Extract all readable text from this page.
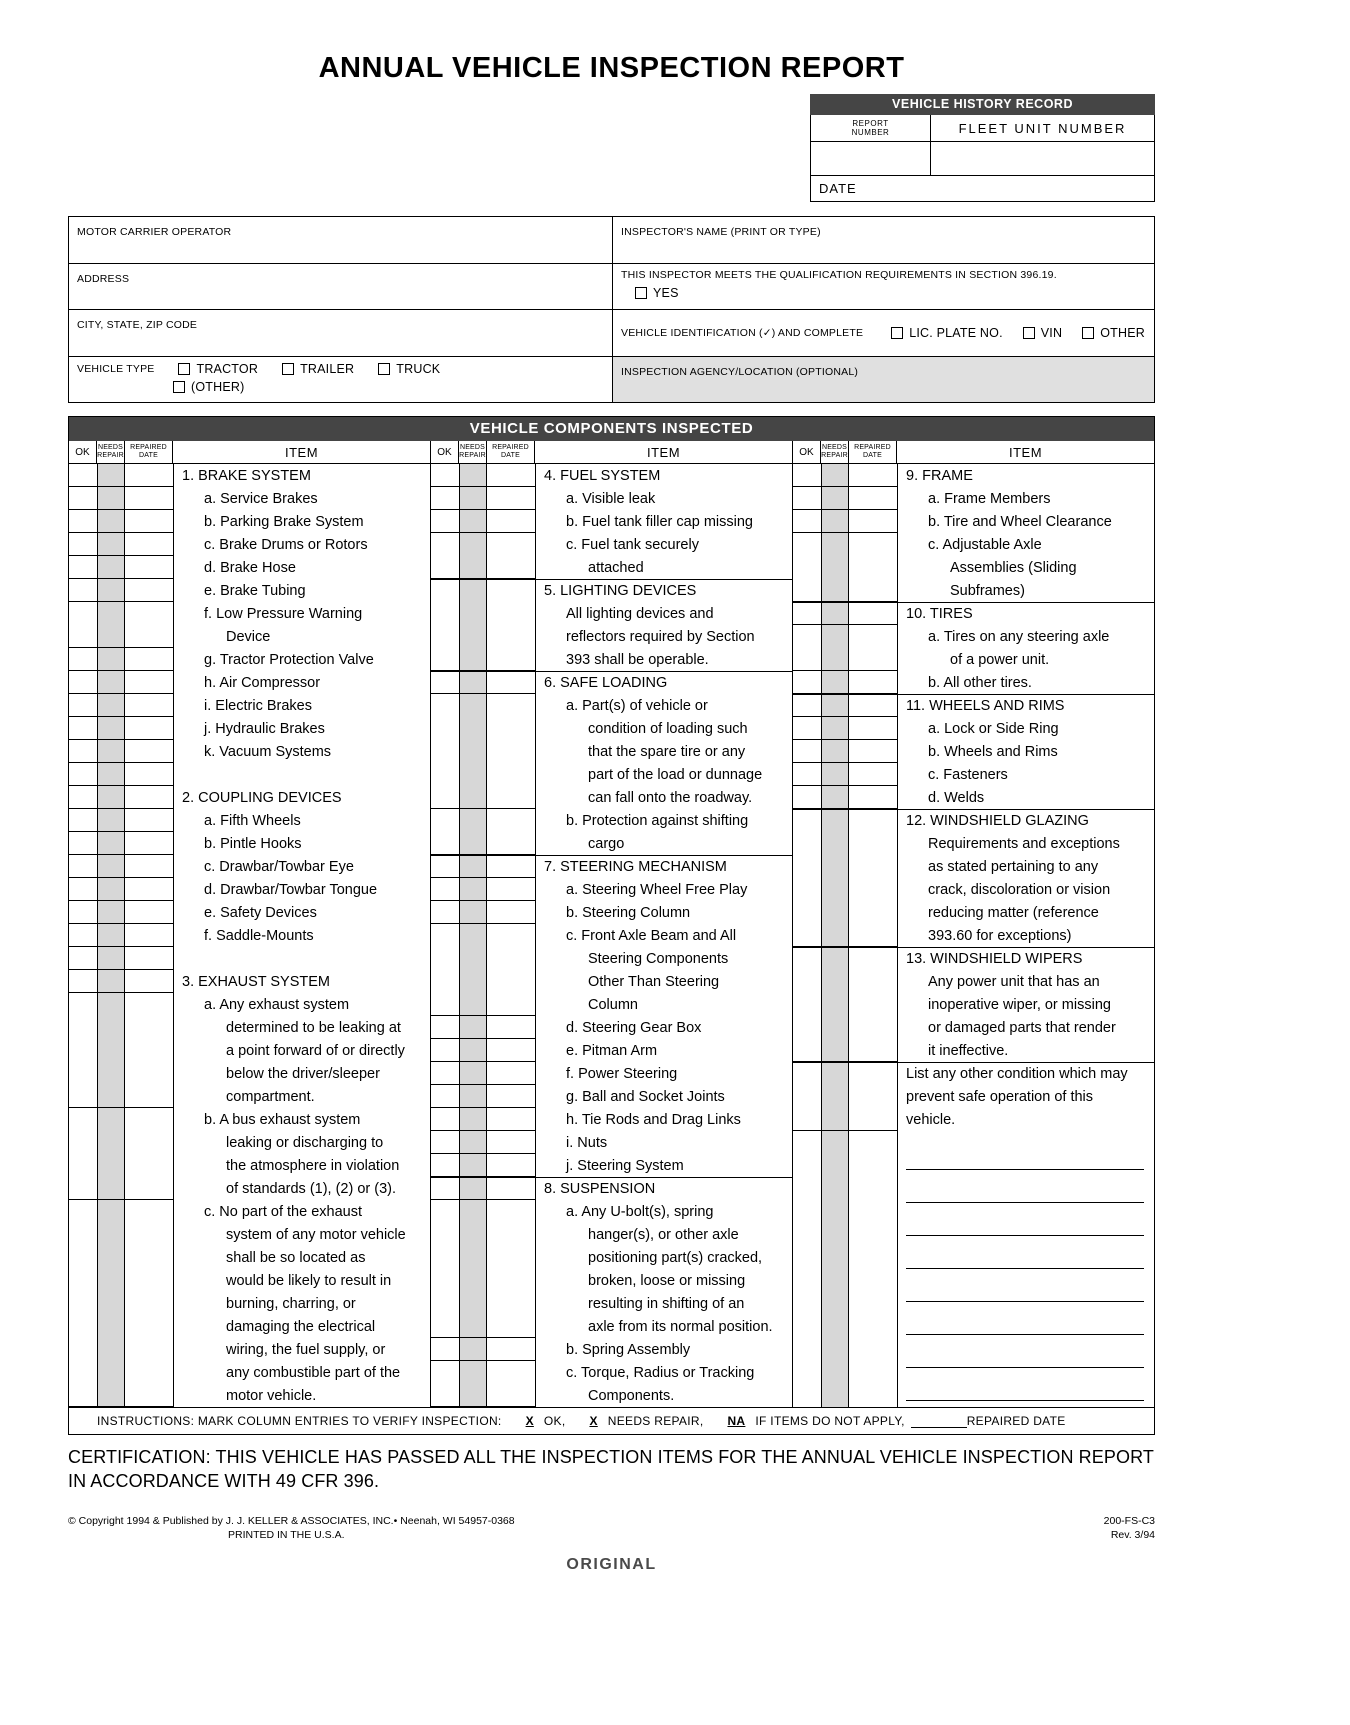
ANNUAL VEHICLE INSPECTION REPORT
VEHICLE HISTORY RECORD
REPORT NUMBER	FLEET UNIT NUMBER
DATE
MOTOR CARRIER OPERATOR	INSPECTOR'S NAME (PRINT OR TYPE)
ADDRESS	THIS INSPECTOR MEETS THE QUALIFICATION REQUIREMENTS IN SECTION 396.19.
YES
CITY, STATE, ZIP CODE
VEHICLE IDENTIFICATION (✓) AND COMPLETE	LIC. PLATE NO.	VIN	OTHER
VEHICLE TYPE	TRACTOR	TRAILER	TRUCK
(OTHER)
INSPECTION AGENCY/LOCATION (OPTIONAL)
VEHICLE COMPONENTS INSPECTED
OK	NEEDS REPAIR
REPAIRED DATE	ITEM
1. BRAKE SYSTEM
a. Service Brakes
b. Parking Brake System
c. Brake Drums or Rotors
d. Brake Hose
e. Brake Tubing
f. Low Pressure Warning
Device
g. Tractor Protection Valve
h. Air Compressor
i. Electric Brakes
j. Hydraulic Brakes
k. Vacuum Systems
2. COUPLING DEVICES
a. Fifth Wheels
b. Pintle Hooks
c. Drawbar/Towbar Eye
d. Drawbar/Towbar Tongue
e. Safety Devices
f. Saddle-Mounts
3. EXHAUST SYSTEM
a. Any exhaust system
determined to be leaking at
a point forward of or directly
below the driver/sleeper
compartment.
b. A bus exhaust system
leaking or discharging to
the atmosphere in violation
of standards (1), (2) or (3).
c. No part of the exhaust
system of any motor vehicle
shall be so located as
would be likely to result in
burning, charring, or
damaging the electrical
wiring, the fuel supply, or
any combustible part of the
motor vehicle.
OK	NEEDS REPAIR
REPAIRED DATE	ITEM
4. FUEL SYSTEM
a. Visible leak
b. Fuel tank filler cap missing
c. Fuel tank securely
attached
5. LIGHTING DEVICES
All lighting devices and
reflectors required by Section
393 shall be operable.
6. SAFE LOADING
a. Part(s) of vehicle or
condition of loading such
that the spare tire or any
part of the load or dunnage
can fall onto the roadway.
b. Protection against shifting
cargo
7. STEERING MECHANISM
a. Steering Wheel Free Play
b. Steering Column
c. Front Axle Beam and All
Steering Components
Other Than Steering
Column
d. Steering Gear Box
e. Pitman Arm
f. Power Steering
g. Ball and Socket Joints
h. Tie Rods and Drag Links
i. Nuts
j. Steering System
8. SUSPENSION
a. Any U-bolt(s), spring
hanger(s), or other axle
positioning part(s) cracked,
broken, loose or missing
resulting in shifting of an
axle from its normal position.
b. Spring Assembly
c. Torque, Radius or Tracking
Components.
OK	NEEDS REPAIR
REPAIRED DATE	ITEM
9. FRAME
a. Frame Members
b. Tire and Wheel Clearance
c. Adjustable Axle
Assemblies (Sliding
Subframes)
10. TIRES
a. Tires on any steering axle
of a power unit.
b. All other tires.
11. WHEELS AND RIMS
a. Lock or Side Ring
b. Wheels and Rims
c. Fasteners
d. Welds
12. WINDSHIELD GLAZING
Requirements and exceptions
as stated pertaining to any
crack, discoloration or vision
reducing matter (reference
393.60 for exceptions)
13. WINDSHIELD WIPERS
Any power unit that has an
inoperative wiper, or missing
or damaged parts that render
it ineffective.
List any other condition which may
prevent safe operation of this
vehicle.
INSTRUCTIONS: MARK COLUMN ENTRIES TO VERIFY INSPECTION: X OK, X NEEDS REPAIR, NA IF ITEMS DO NOT APPLY,	REPAIRED DATE
CERTIFICATION: THIS VEHICLE HAS PASSED ALL THE INSPECTION ITEMS FOR THE ANNUAL VEHICLE INSPECTION REPORT IN ACCORDANCE WITH 49 CFR 396.
© Copyright 1994 & Published by J. J. KELLER & ASSOCIATES, INC.• Neenah, WI 54957-0368
PRINTED IN THE U.S.A.
200-FS-C3
Rev. 3/94
ORIGINAL
